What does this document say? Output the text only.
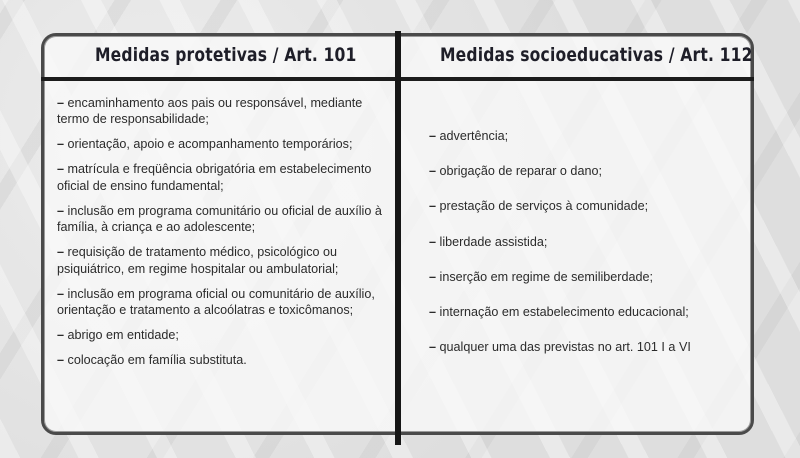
Medidas protetivas / Art. 101	Medidas socioeducativas / Art. 112
– encaminhamento aos pais ou responsável, mediante termo de responsabilidade;
– orientação, apoio e acompanhamento temporários;
– matrícula e freqüência obrigatória em estabelecimento oficial de ensino fundamental;
– inclusão em programa comunitário ou oficial de auxílio à família, à criança e ao adolescente;
– requisição de tratamento médico, psicológico ou psiquiátrico, em regime hospitalar ou ambulatorial;
– inclusão em programa oficial ou comunitário de auxílio, orientação e tratamento a alcoólatras e toxicômanos;
– abrigo em entidade;
– colocação em família substituta.
– advertência;
– obrigação de reparar o dano;
– prestação de serviços à comunidade;
– liberdade assistida;
– inserção em regime de semiliberdade;
– internação em estabelecimento educacional;
– qualquer uma das previstas no art. 101 I a VI
